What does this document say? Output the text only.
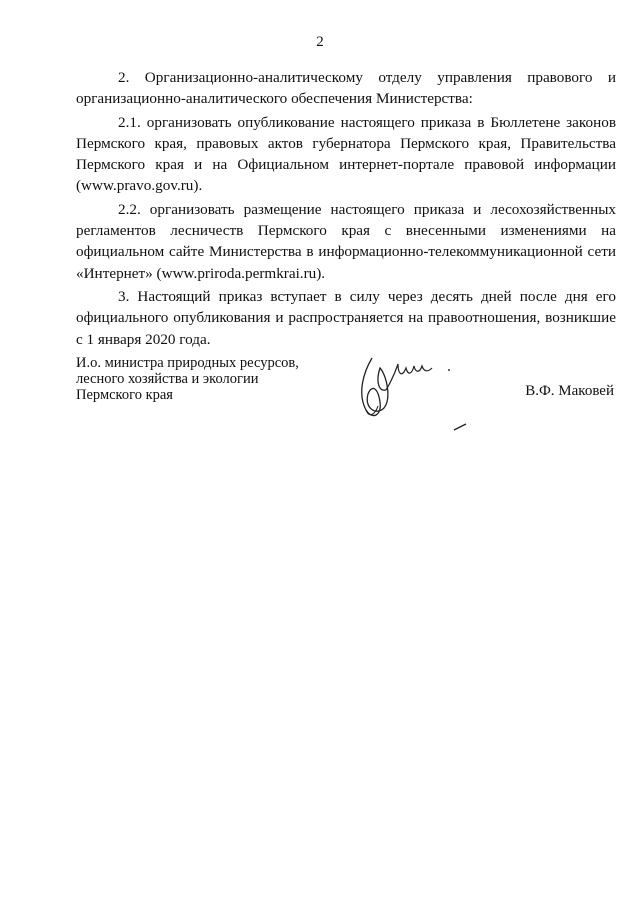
2

2. Организационно-аналитическому отделу управления правового и организационно-аналитического обеспечения Министерства:

2.1. организовать опубликование настоящего приказа в Бюллетене законов Пермского края, правовых актов губернатора Пермского края, Правительства Пермского края и на Официальном интернет-портале правовой информации (www.pravo.gov.ru).

2.2. организовать размещение настоящего приказа и лесохозяйственных регламентов лесничеств Пермского края с внесенными изменениями на официальном сайте Министерства в информационно-телекоммуникационной сети «Интернет» (www.priroda.permkrai.ru).

3. Настоящий приказ вступает в силу через десять дней после дня его официального опубликования и распространяется на правоотношения, возникшие с 1 января 2020 года.

И.о. министра природных ресурсов,
лесного хозяйства и экологии
Пермского края	В.Ф. Маковей
